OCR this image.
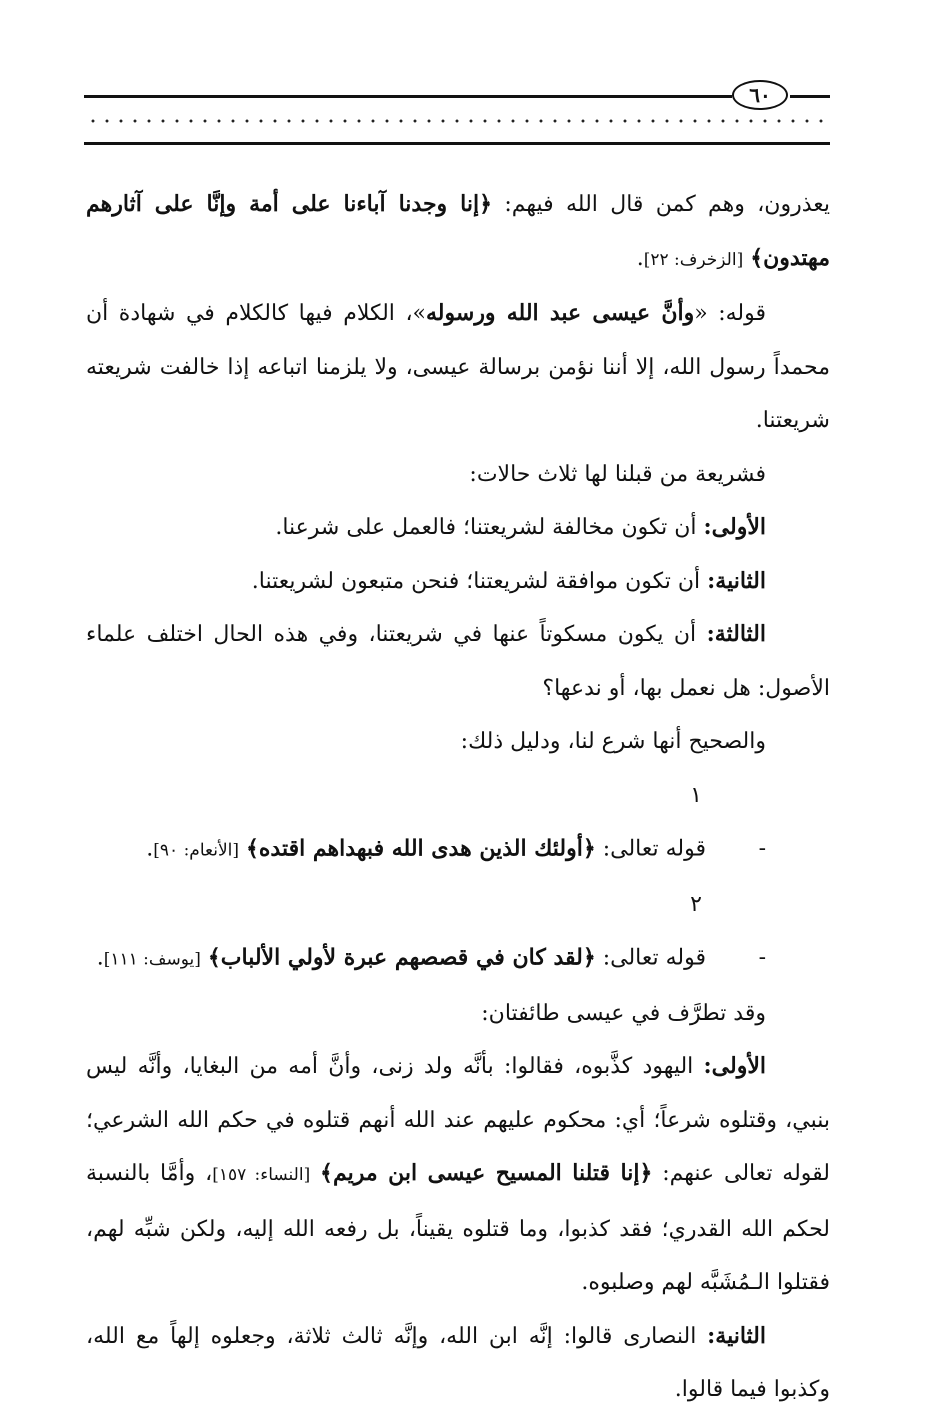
٦٠

يعذرون، وهم كمن قال الله فيهم: ﴿إنا وجدنا آباءنا على أمة وإنَّا على آثارهم مهتدون﴾ [الزخرف: ٢٢].

قوله: «وأنَّ عيسى عبد الله ورسوله»، الكلام فيها كالكلام في شهادة أن محمداً رسول الله، إلا أننا نؤمن برسالة عيسى، ولا يلزمنا اتباعه إذا خالفت شريعته شريعتنا.

فشريعة من قبلنا لها ثلاث حالات:

الأولى: أن تكون مخالفة لشريعتنا؛ فالعمل على شرعنا.

الثانية: أن تكون موافقة لشريعتنا؛ فنحن متبعون لشريعتنا.

الثالثة: أن يكون مسكوتاً عنها في شريعتنا، وفي هذه الحال اختلف علماء الأصول: هل نعمل بها، أو ندعها؟

والصحيح أنها شرع لنا، ودليل ذلك:

١ -قوله تعالى: ﴿أولئك الذين هدى الله فبهداهم اقتده﴾ [الأنعام: ٩٠].

٢ -قوله تعالى: ﴿لقد كان في قصصهم عبرة لأولي الألباب﴾ [يوسف: ١١١].

وقد تطرَّف في عيسى طائفتان:

الأولى: اليهود كذَّبوه، فقالوا: بأنَّه ولد زنى، وأنَّ أمه من البغايا، وأنَّه ليس بنبي، وقتلوه شرعاً؛ أي: محكوم عليهم عند الله أنهم قتلوه في حكم الله الشرعي؛ لقوله تعالى عنهم: ﴿إنا قتلنا المسيح عيسى ابن مريم﴾ [النساء: ١٥٧]، وأمَّا بالنسبة لحكم الله القدري؛ فقد كذبوا، وما قتلوه يقيناً، بل رفعه الله إليه، ولكن شبِّه لهم، فقتلوا الـمُشَبَّه لهم وصلبوه.

الثانية: النصارى قالوا: إنَّه ابن الله، وإنَّه ثالث ثلاثة، وجعلوه إلهاً مع الله، وكذبوا فيما قالوا.
